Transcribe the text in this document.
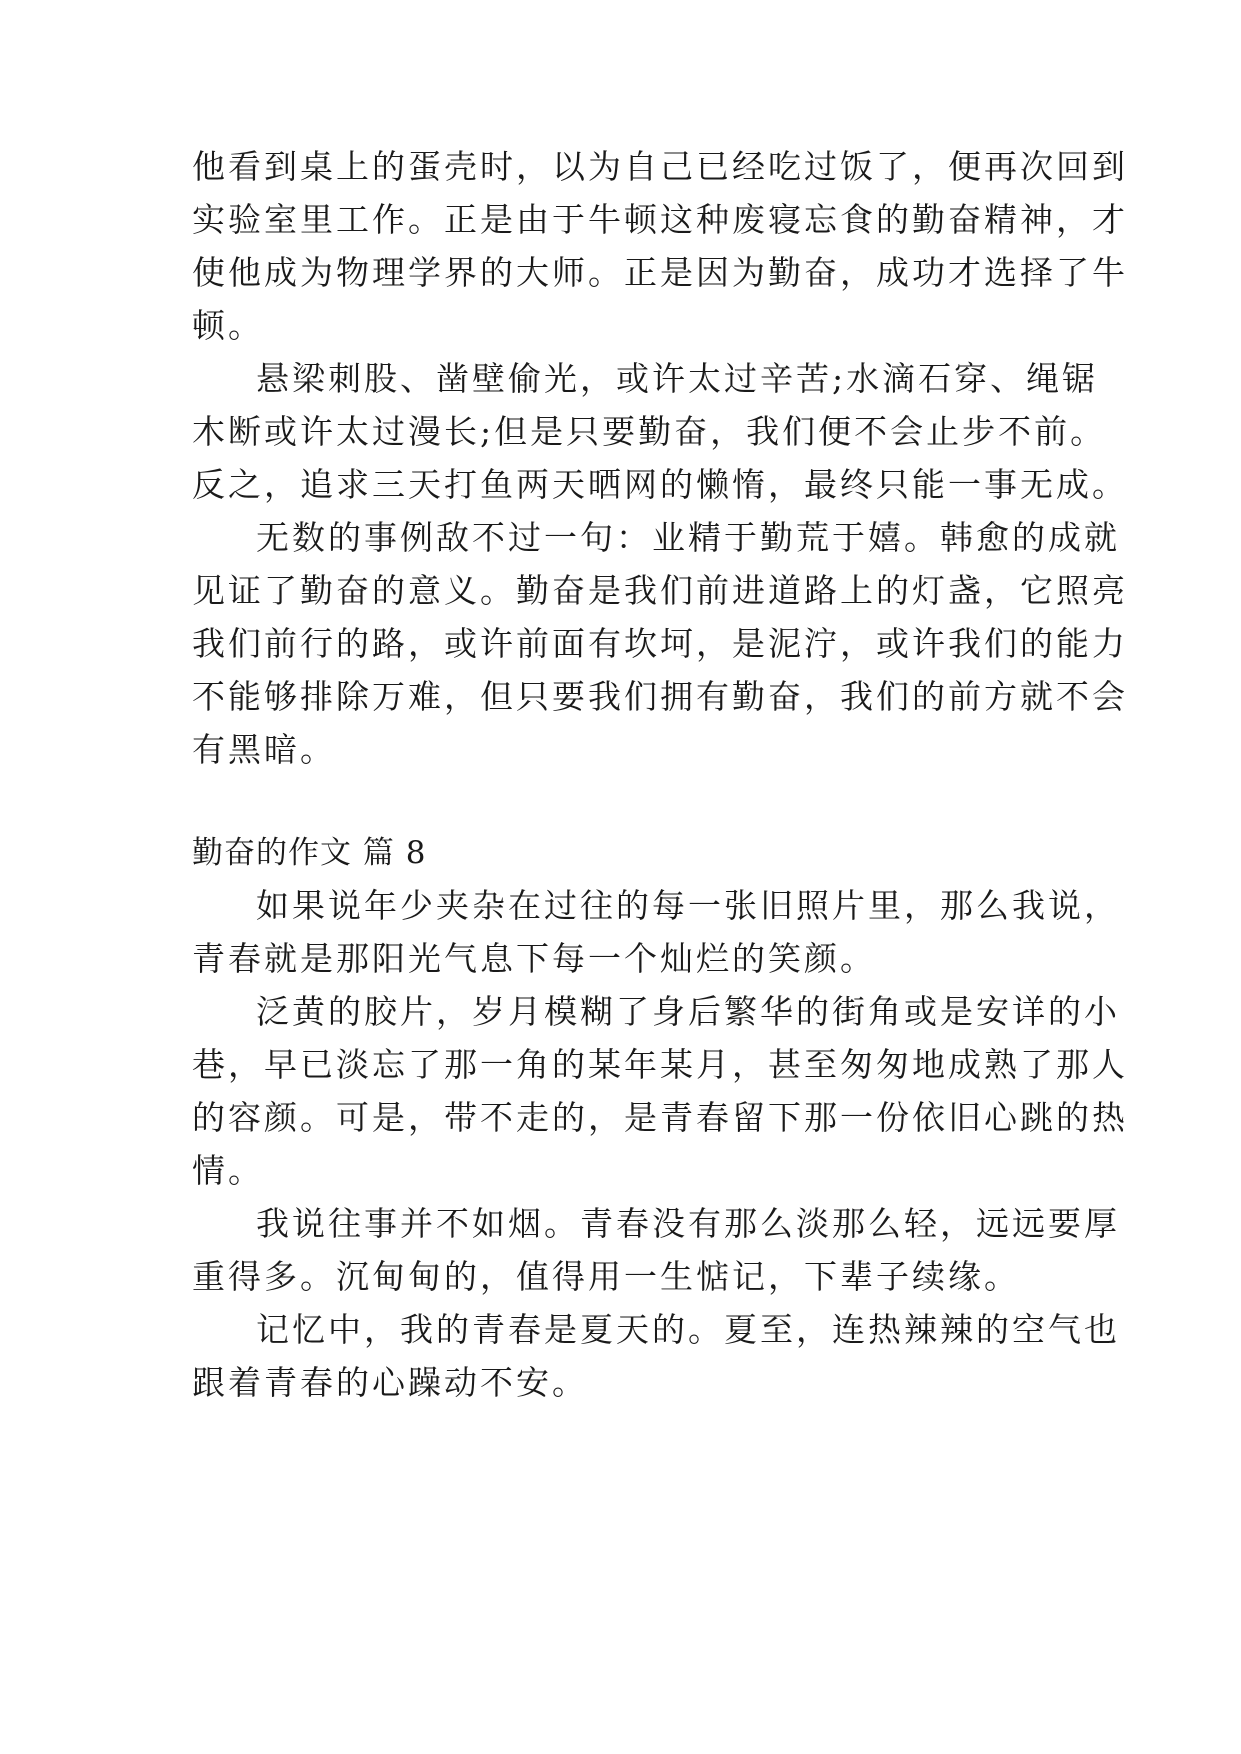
他看到桌上的蛋壳时，以为自己已经吃过饭了，便再次回到
实验室里工作。正是由于牛顿这种废寝忘食的勤奋精神，才
使他成为物理学界的大师。正是因为勤奋，成功才选择了牛
顿。
悬梁刺股、凿壁偷光，或许太过辛苦;水滴石穿、绳锯
木断或许太过漫长;但是只要勤奋，我们便不会止步不前。
反之，追求三天打鱼两天晒网的懒惰，最终只能一事无成。
无数的事例敌不过一句：业精于勤荒于嬉。韩愈的成就
见证了勤奋的意义。勤奋是我们前进道路上的灯盏，它照亮
我们前行的路，或许前面有坎坷，是泥泞，或许我们的能力
不能够排除万难，但只要我们拥有勤奋，我们的前方就不会
有黑暗。
勤奋的作文 篇 8
如果说年少夹杂在过往的每一张旧照片里，那么我说，
青春就是那阳光气息下每一个灿烂的笑颜。
泛黄的胶片，岁月模糊了身后繁华的街角或是安详的小
巷，早已淡忘了那一角的某年某月，甚至匆匆地成熟了那人
的容颜。可是，带不走的，是青春留下那一份依旧心跳的热
情。
我说往事并不如烟。青春没有那么淡那么轻，远远要厚
重得多。沉甸甸的，值得用一生惦记，下辈子续缘。
记忆中，我的青春是夏天的。夏至，连热辣辣的空气也
跟着青春的心躁动不安。
